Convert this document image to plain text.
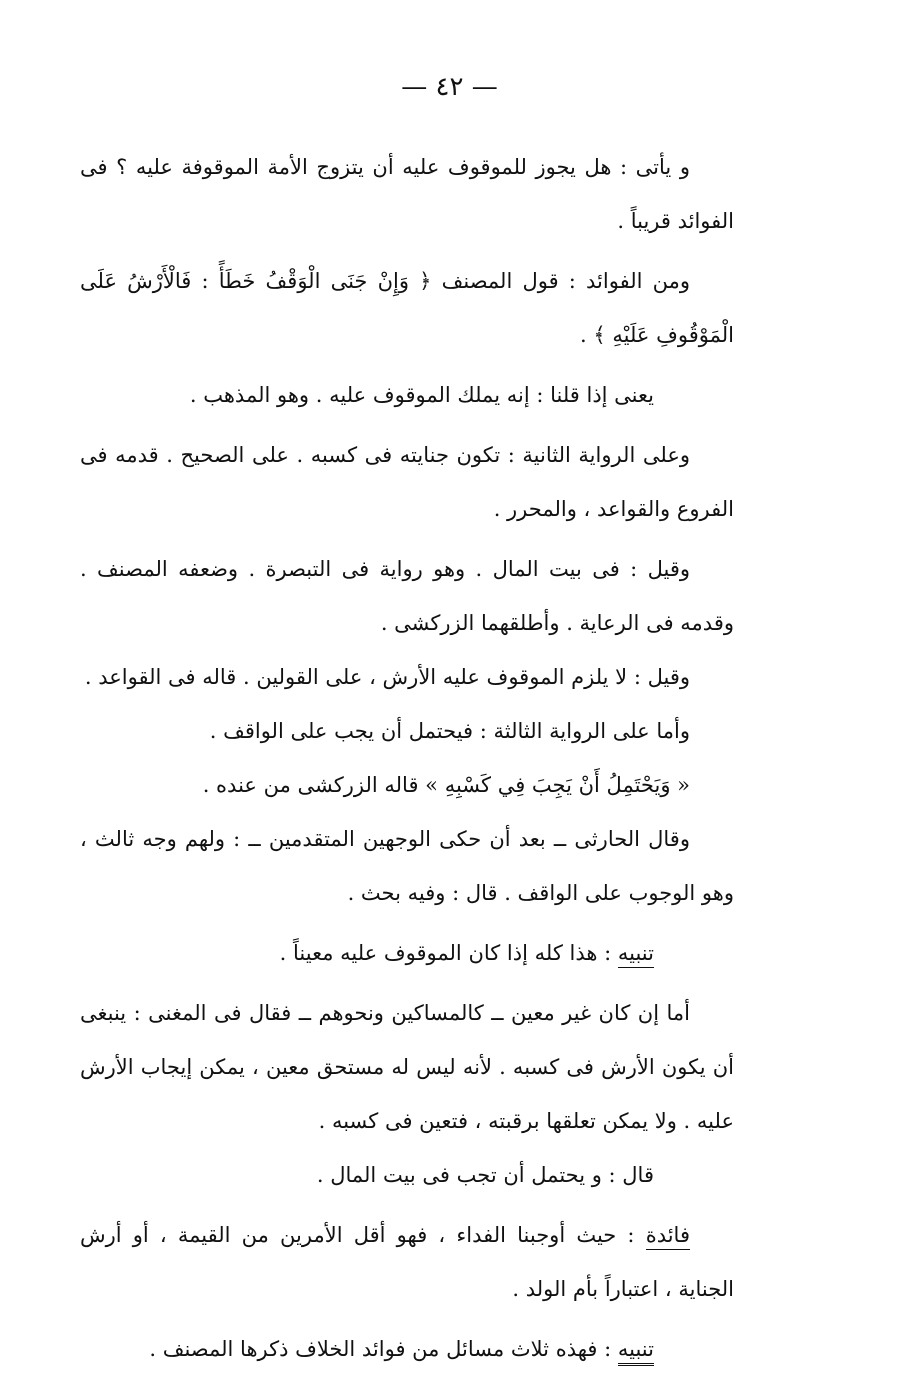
— ٤٢ —

و يأتى : هل يجوز للموقوف عليه أن يتزوج الأمة الموقوفة عليه ؟ فى الفوائد قريباً .

ومن الفوائد : قول المصنف ﴿ وَإِنْ جَنَى الْوَقْفُ خَطَأً : فَالْأَرْشُ عَلَى الْمَوْقُوفِ عَلَيْهِ ﴾ .

يعنى إذا قلنا : إنه يملك الموقوف عليه . وهو المذهب .

وعلى الرواية الثانية : تكون جنايته فى كسبه . على الصحيح . قدمه فى الفروع والقواعد ، والمحرر .

وقيل : فى بيت المال . وهو رواية فى التبصرة . وضعفه المصنف . وقدمه فى الرعاية . وأطلقهما الزركشى .

وقيل : لا يلزم الموقوف عليه الأرش ، على القولين . قاله فى القواعد .

وأما على الرواية الثالثة : فيحتمل أن يجب على الواقف .

« وَيَحْتَمِلُ أَنْ يَجِبَ فِي كَسْبِهِ » قاله الزركشى من عنده .

وقال الحارثى ــ بعد أن حكى الوجهين المتقدمين ــ : ولهم وجه ثالث ، وهو الوجوب على الواقف . قال : وفيه بحث .

تنبيه : هذا كله إذا كان الموقوف عليه معيناً .

أما إن كان غير معين ــ كالمساكين ونحوهم ــ فقال فى المغنى : ينبغى أن يكون الأرش فى كسبه . لأنه ليس له مستحق معين ، يمكن إيجاب الأرش عليه . ولا يمكن تعلقها برقبته ، فتعين فى كسبه .

قال : و يحتمل أن تجب فى بيت المال .

فائدة : حيث أوجبنا الفداء ، فهو أقل الأمرين من القيمة ، أو أرش الجناية ، اعتباراً بأم الولد .

تنبيه : فهذه ثلاث مسائل من فوائد الخلاف ذكرها المصنف .
